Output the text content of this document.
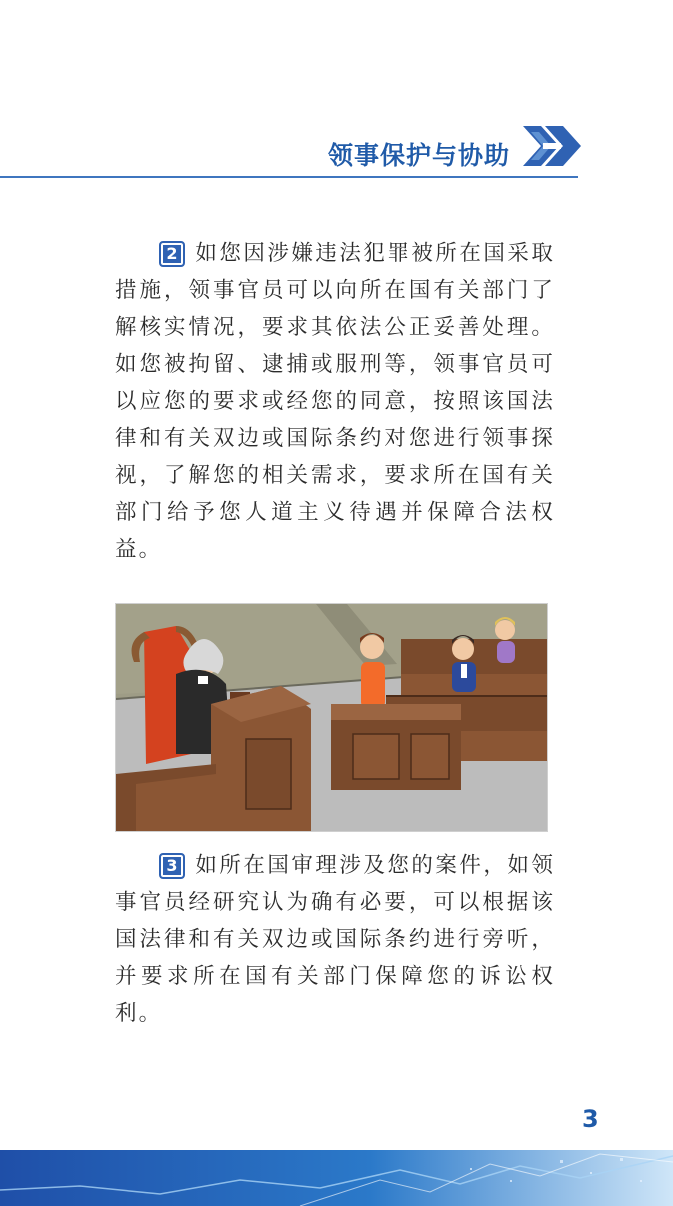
领事保护与协助

2 如您因涉嫌违法犯罪被所在国采取措施，领事官员可以向所在国有关部门了解核实情况，要求其依法公正妥善处理。如您被拘留、逮捕或服刑等，领事官员可以应您的要求或经您的同意，按照该国法律和有关双边或国际条约对您进行领事探视，了解您的相关需求，要求所在国有关部门给予您人道主义待遇并保障合法权益。

3 如所在国审理涉及您的案件，如领事官员经研究认为确有必要，可以根据该国法律和有关双边或国际条约进行旁听，并要求所在国有关部门保障您的诉讼权利。

3
